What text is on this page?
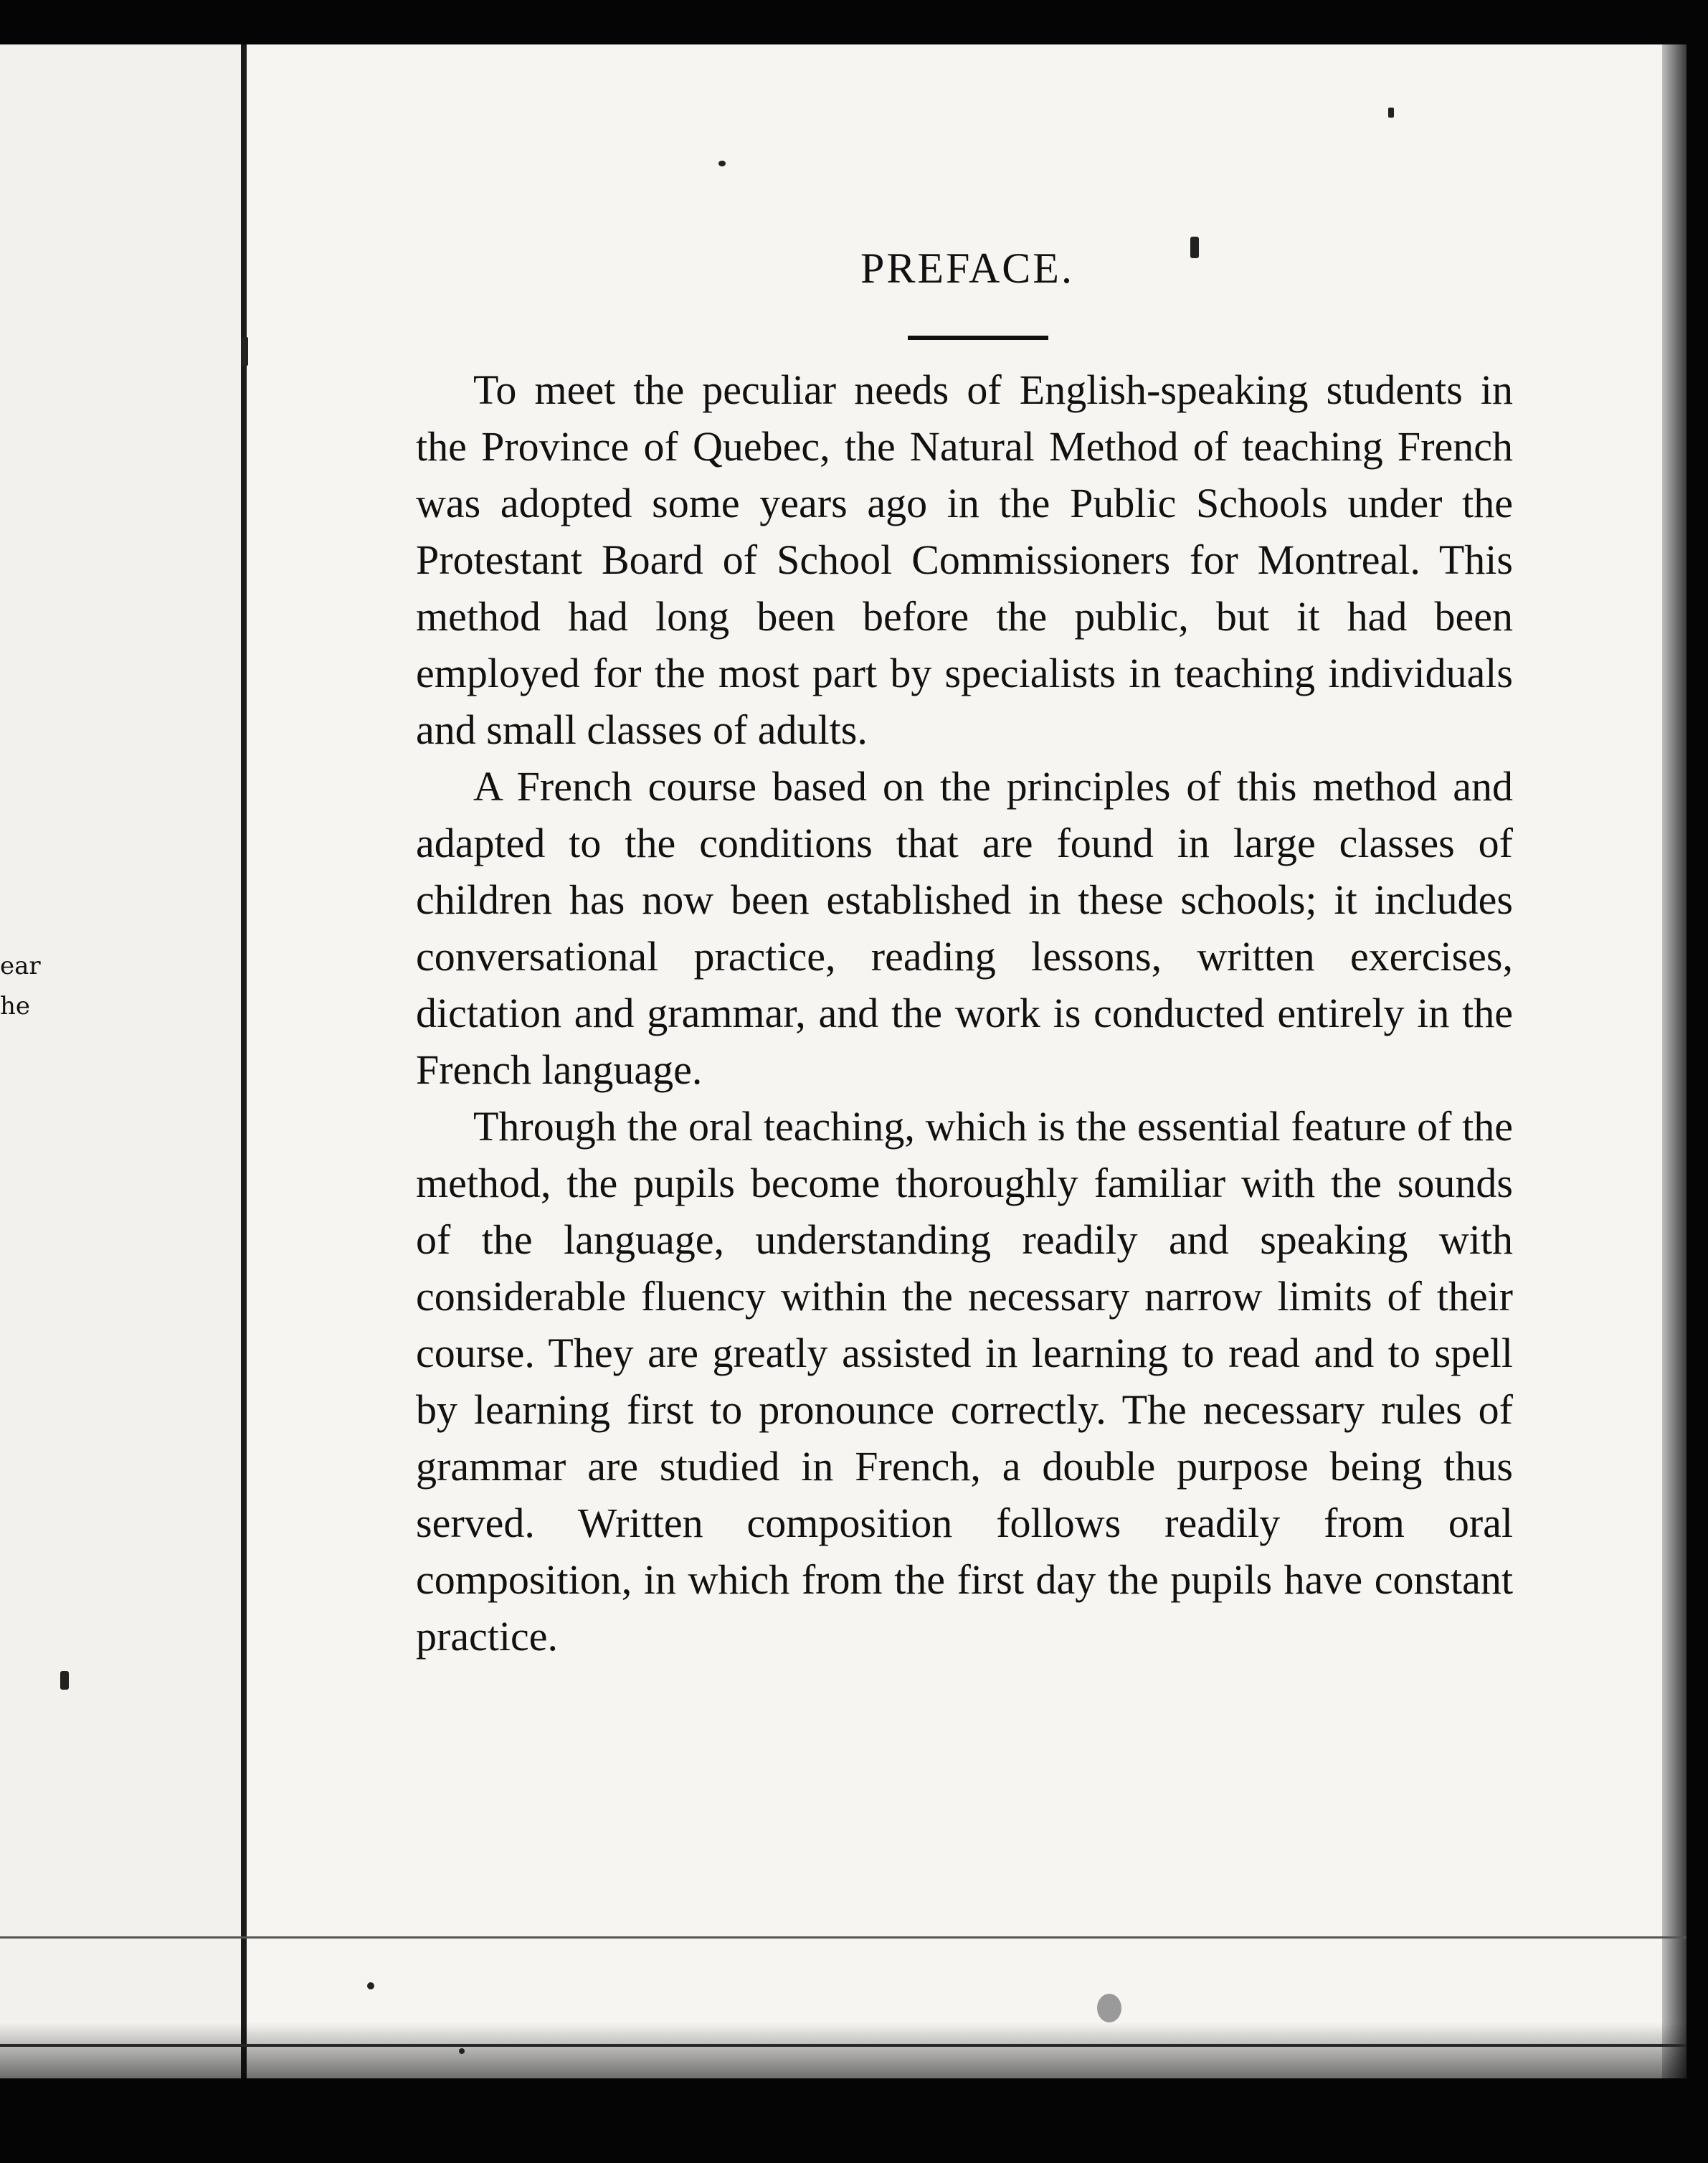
ear
he
PREFACE.

To meet the peculiar needs of English-speaking students in the Province of Quebec, the Natural Method of teaching French was adopted some years ago in the Public Schools under the Protestant Board of School Commissioners for Montreal. This method had long been before the public, but it had been employed for the most part by specialists in teaching individuals and small classes of adults.

A French course based on the principles of this method and adapted to the conditions that are found in large classes of children has now been established in these schools; it includes conversational practice, reading lessons, written exercises, dictation and grammar, and the work is conducted entirely in the French language.

Through the oral teaching, which is the essential feature of the method, the pupils become thoroughly familiar with the sounds of the language, understanding readily and speaking with considerable fluency within the necessary narrow limits of their course. They are greatly assisted in learning to read and to spell by learning first to pronounce correctly. The necessary rules of grammar are studied in French, a double purpose being thus served. Written composition follows readily from oral composition, in which from the first day the pupils have constant practice.
